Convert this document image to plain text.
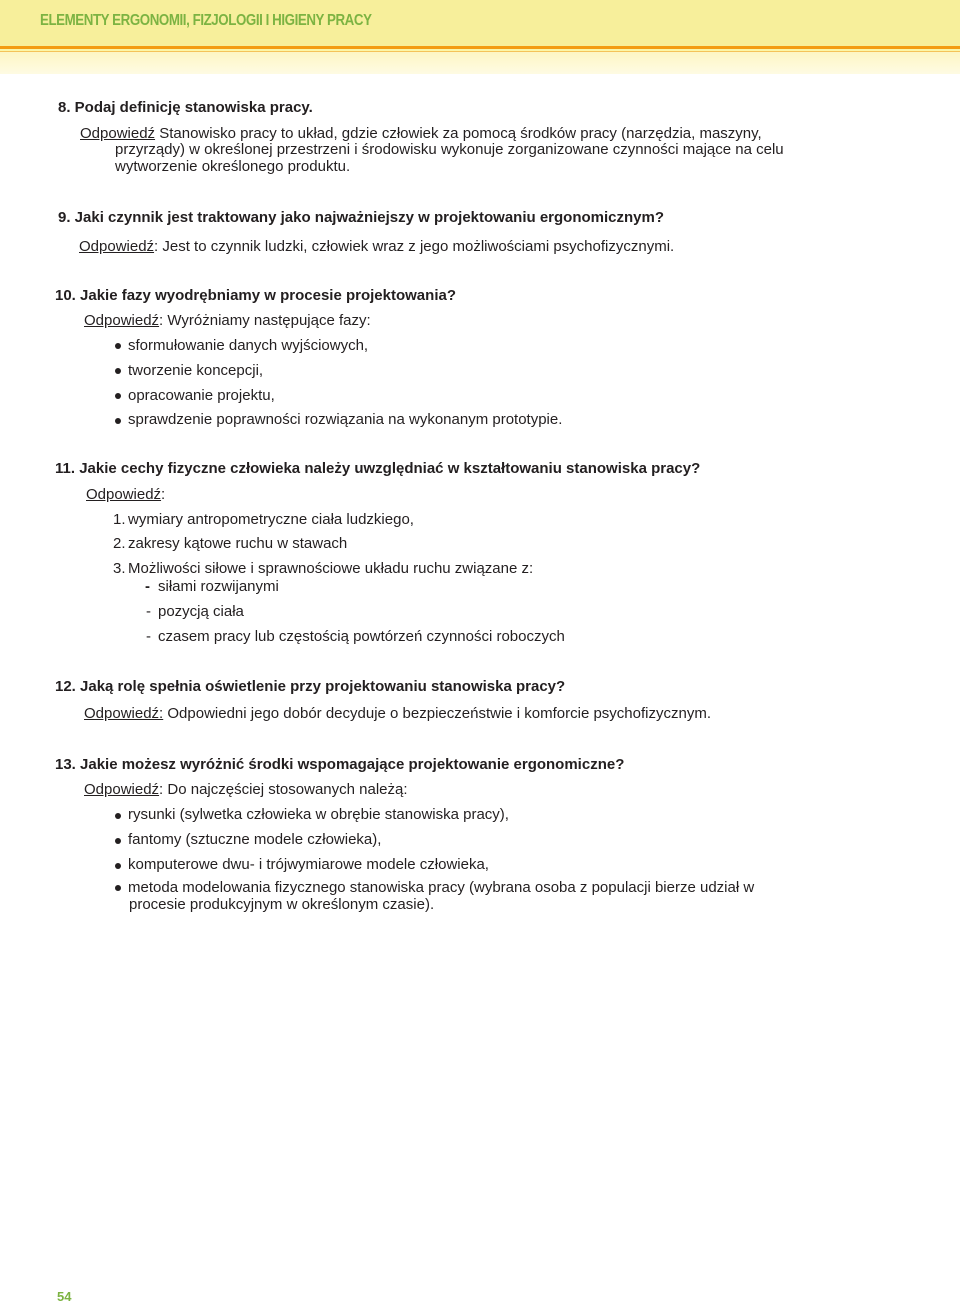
ELEMENTY ERGONOMII, FIZJOLOGII I HIGIENY PRACY
8. Podaj definicję stanowiska pracy.
Odpowiedź Stanowisko pracy to układ, gdzie człowiek za pomocą środków pracy (narzędzia, maszyny,
przyrządy) w określonej przestrzeni i środowisku wykonuje zorganizowane czynności mające na celu
wytworzenie określonego produktu.
9. Jaki czynnik jest traktowany jako najważniejszy w projektowaniu ergonomicznym?
Odpowiedź: Jest to czynnik ludzki, człowiek wraz z jego możliwościami psychofizycznymi.
10. Jakie fazy wyodrębniamy w procesie projektowania?
Odpowiedź: Wyróżniamy następujące fazy:
sformułowanie danych wyjściowych,
tworzenie koncepcji,
opracowanie projektu,
sprawdzenie poprawności rozwiązania na wykonanym prototypie.
11. Jakie cechy fizyczne człowieka należy uwzględniać w kształtowaniu stanowiska pracy?
Odpowiedź:
1. wymiary antropometryczne ciała ludzkiego,
2. zakresy kątowe ruchu w stawach
3. Możliwości siłowe i sprawnościowe układu ruchu związane z:
- siłami rozwijanymi
- pozycją ciała
- czasem pracy lub częstością powtórzeń czynności roboczych
12. Jaką rolę spełnia oświetlenie przy projektowaniu stanowiska pracy?
Odpowiedź: Odpowiedni jego dobór decyduje o bezpieczeństwie i komforcie psychofizycznym.
13. Jakie możesz wyróżnić środki wspomagające projektowanie ergonomiczne?
Odpowiedź: Do najczęściej stosowanych należą:
rysunki (sylwetka człowieka w obrębie stanowiska pracy),
fantomy (sztuczne modele człowieka),
komputerowe dwu- i trójwymiarowe modele człowieka,
metoda modelowania fizycznego stanowiska pracy (wybrana osoba z populacji bierze udział w
procesie produkcyjnym w określonym czasie).
54
